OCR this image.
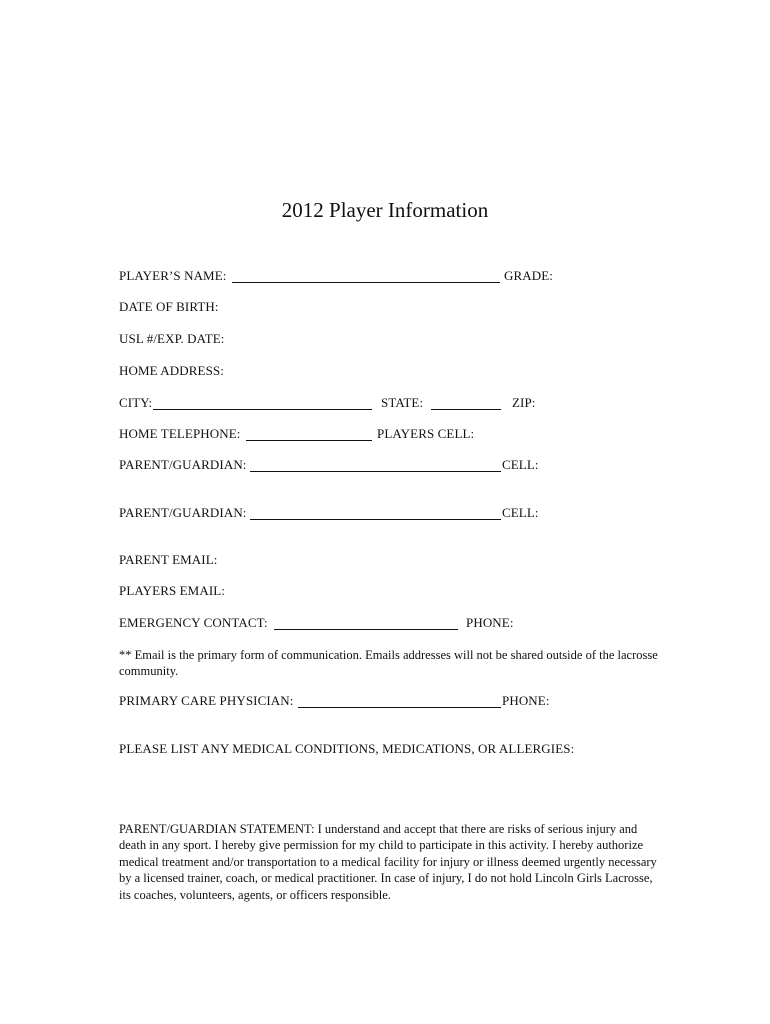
2012 Player Information
PLAYER’S NAME:	GRADE:
DATE OF BIRTH:
USL #/EXP. DATE:
HOME ADDRESS:
CITY:	STATE:	ZIP:
HOME TELEPHONE:	PLAYERS CELL:
PARENT/GUARDIAN:	CELL:
PARENT/GUARDIAN:	CELL:
PARENT EMAIL:
PLAYERS EMAIL:
EMERGENCY CONTACT:	PHONE:
** Email is the primary form of communication. Emails addresses will not be shared outside of the lacrosse community.
PRIMARY CARE PHYSICIAN:	PHONE:
PLEASE LIST ANY MEDICAL CONDITIONS, MEDICATIONS, OR ALLERGIES:
PARENT/GUARDIAN STATEMENT: I understand and accept that there are risks of serious injury and death in any sport. I hereby give permission for my child to participate in this activity. I hereby authorize medical treatment and/or transportation to a medical facility for injury or illness deemed urgently necessary by a licensed trainer, coach, or medical practitioner. In case of injury, I do not hold Lincoln Girls Lacrosse, its coaches, volunteers, agents, or officers responsible.
